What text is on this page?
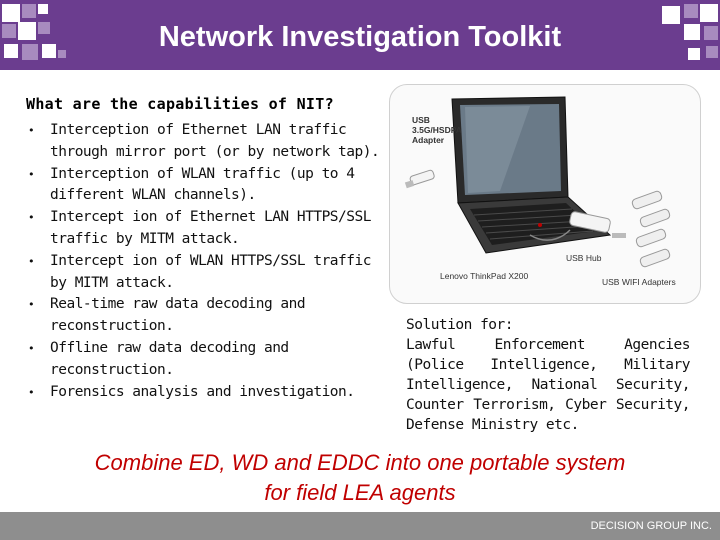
Network Investigation Toolkit
What are the capabilities of NIT?
• Interception of Ethernet LAN traffic through mirror port (or by network tap).
• Interception of WLAN traffic (up to 4 different WLAN channels).
• Intercept ion of Ethernet LAN HTTPS/SSL traffic by MITM attack.
• Intercept ion of WLAN HTTPS/SSL traffic by MITM attack.
• Real-time raw data decoding and reconstruction.
• Offline raw data decoding and reconstruction.
• Forensics analysis and investigation.
USB 3.5G/HSDPA Adapter
Lenovo ThinkPad X200
USB Hub
USB WIFI Adapters
Solution for:
Lawful Enforcement Agencies (Police Intelligence, Military Intelligence, National Security, Counter Terrorism, Cyber Security, Defense Ministry etc.
Combine ED, WD and EDDC into one portable system
for field LEA agents
DECISION GROUP INC.
